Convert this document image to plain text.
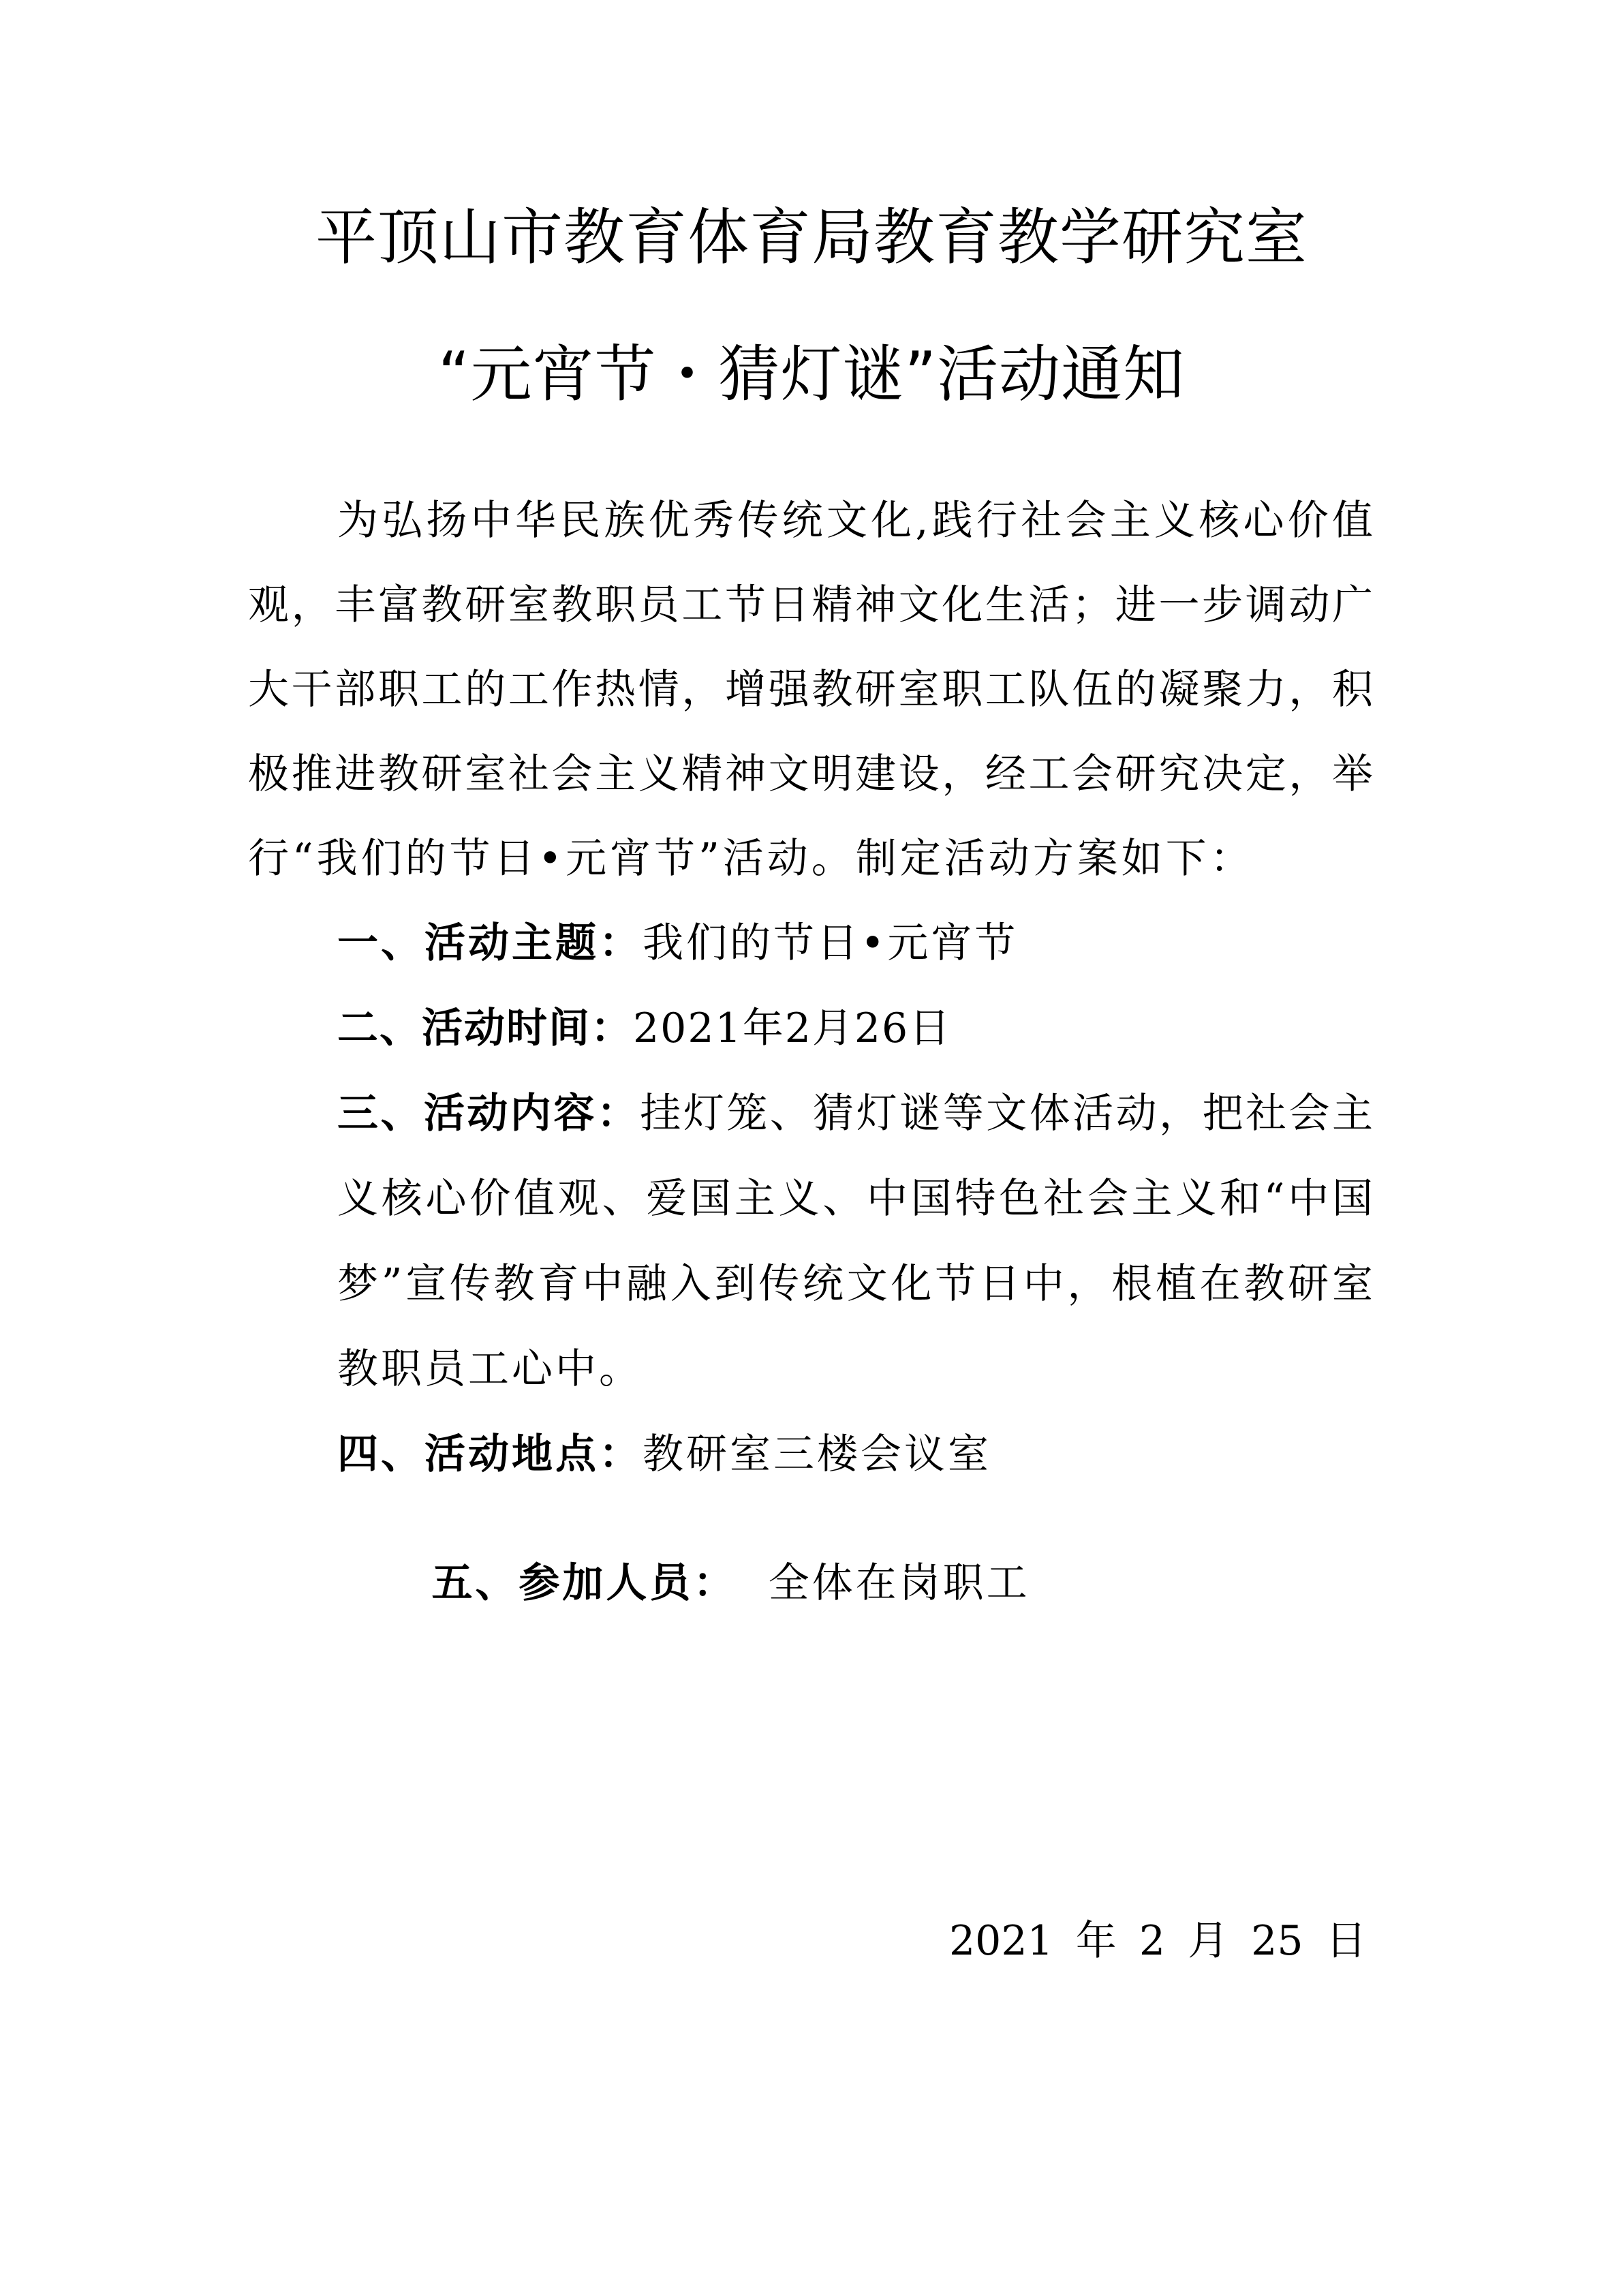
平顶山市教育体育局教育教学研究室
“元宵节・猜灯谜”活动通知
为弘扬中华民族优秀传统文化,践行社会主义核心价值
观，丰富教研室教职员工节日精神文化生活；进一步调动广
大干部职工的工作热情，增强教研室职工队伍的凝聚力，积
极推进教研室社会主义精神文明建设，经工会研究决定，举
行“我们的节日•元宵节”活动。制定活动方案如下：
一、活动主题：我们的节日•元宵节
二、活动时间：2021年2月26日
三、活动内容：挂灯笼、猜灯谜等文体活动，把社会主
义核心价值观、爱国主义、中国特色社会主义和“中国
梦”宣传教育中融入到传统文化节日中，根植在教研室
教职员工心中。
四、活动地点：教研室三楼会议室

五、参加人员：  全体在岗职工

2021 年 2 月 25 日
